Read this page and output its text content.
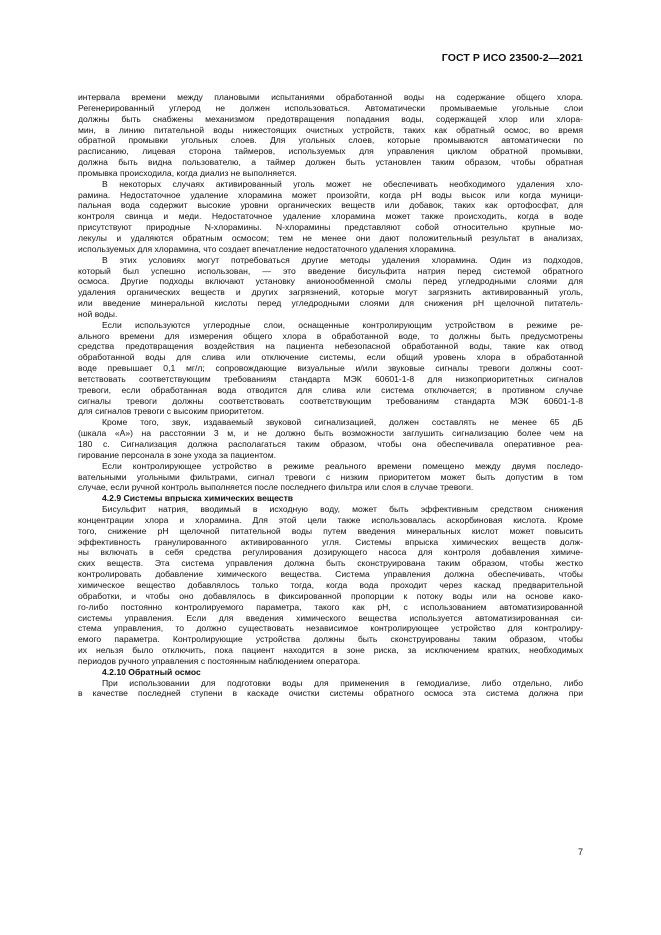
ГОСТ Р ИСО 23500-2—2021
интервала времени между плановыми испытаниями обработанной воды на содержание общего хлора.
Регенерированный углерод не должен использоваться. Автоматически промываемые угольные слои
должны быть снабжены механизмом предотвращения попадания воды, содержащей хлор или хлора-
мин, в линию питательной воды нижестоящих очистных устройств, таких как обратный осмос, во время
обратной промывки угольных слоев. Для угольных слоев, которые промываются автоматически по
расписанию, лицевая сторона таймеров, используемых для управления циклом обратной промывки,
должна быть видна пользователю, а таймер должен быть установлен таким образом, чтобы обратная
промывка происходила, когда диализ не выполняется.
В некоторых случаях активированный уголь может не обеспечивать необходимого удаления хло-
рамина. Недостаточное удаление хлорамина может произойти, когда pH воды высок или когда муници-
пальная вода содержит высокие уровни органических веществ или добавок, таких как ортофосфат, для
контроля свинца и меди. Недостаточное удаление хлорамина может также происходить, когда в воде
присутствуют природные N-хлорамины. N-хлорамины представляют собой относительно крупные мо-
лекулы и удаляются обратным осмосом; тем не менее они дают положительный результат в анализах,
используемых для хлорамина, что создает впечатление недостаточного удаления хлорамина.
В этих условиях могут потребоваться другие методы удаления хлорамина. Один из подходов,
который был успешно использован, — это введение бисульфита натрия перед системой обратного
осмоса. Другие подходы включают установку анионообменной смолы перед угледродными слоями для
удаления органических веществ и других загрязнений, которые могут загрязнить активированный уголь,
или введение минеральной кислоты перед угледродными слоями для снижения pH щелочной питатель-
ной воды.
Если используются углеродные слои, оснащенные контролирующим устройством в режиме ре-
ального времени для измерения общего хлора в обработанной воде, то должны быть предусмотрены
средства предотвращения воздействия на пациента небезопасной обработанной воды, такие как отвод
обработанной воды для слива или отключение системы, если общий уровень хлора в обработанной
воде превышает 0,1 мг/л; сопровождающие визуальные и/или звуковые сигналы тревоги должны соот-
ветствовать соответствующим требованиям стандарта МЭК 60601-1-8 для низкоприоритетных сигналов
тревоги, если обработанная вода отводится для слива или система отключается; в противном случае
сигналы тревоги должны соответствовать соответствующим требованиям стандарта МЭК 60601-1-8
для сигналов тревоги с высоким приоритетом.
Кроме того, звук, издаваемый звуковой сигнализацией, должен составлять не менее 65 дБ
(шкала «A») на расстоянии 3 м, и не должно быть возможности заглушить сигнализацию более чем на
180 с. Сигнализация должна располагаться таким образом, чтобы она обеспечивала оперативное реа-
гирование персонала в зоне ухода за пациентом.
Если контролирующее устройство в режиме реального времени помещено между двумя последо-
вательными угольными фильтрами, сигнал тревоги с низким приоритетом может быть допустим в том
случае, если ручной контроль выполняется после последнего фильтра или слоя в случае тревоги.
4.2.9 Системы впрыска химических веществ
Бисульфит натрия, вводимый в исходную воду, может быть эффективным средством снижения
концентрации хлора и хлорамина. Для этой цели также использовалась аскорбиновая кислота. Кроме
того, снижение pH щелочной питательной воды путем введения минеральных кислот может повысить
эффективность гранулированного активированного угля. Системы впрыска химических веществ долж-
ны включать в себя средства регулирования дозирующего насоса для контроля добавления химиче-
ских веществ. Эта система управления должна быть сконструирована таким образом, чтобы жестко
контролировать добавление химического вещества. Система управления должна обеспечивать, чтобы
химическое вещество добавлялось только тогда, когда вода проходит через каскад предварительной
обработки, и чтобы оно добавлялось в фиксированной пропорции к потоку воды или на основе како-
го-либо постоянно контролируемого параметра, такого как pH, с использованием автоматизированной
системы управления. Если для введения химического вещества используется автоматизированная си-
стема управления, то должно существовать независимое контролирующее устройство для контролиру-
емого параметра. Контролирующие устройства должны быть сконструированы таким образом, чтобы
их нельзя было отключить, пока пациент находится в зоне риска, за исключением кратких, необходимых
периодов ручного управления с постоянным наблюдением оператора.
4.2.10 Обратный осмос
При использовании для подготовки воды для применения в гемодиализе, либо отдельно, либо
в качестве последней ступени в каскаде очистки системы обратного осмоса эта система должна при
7
